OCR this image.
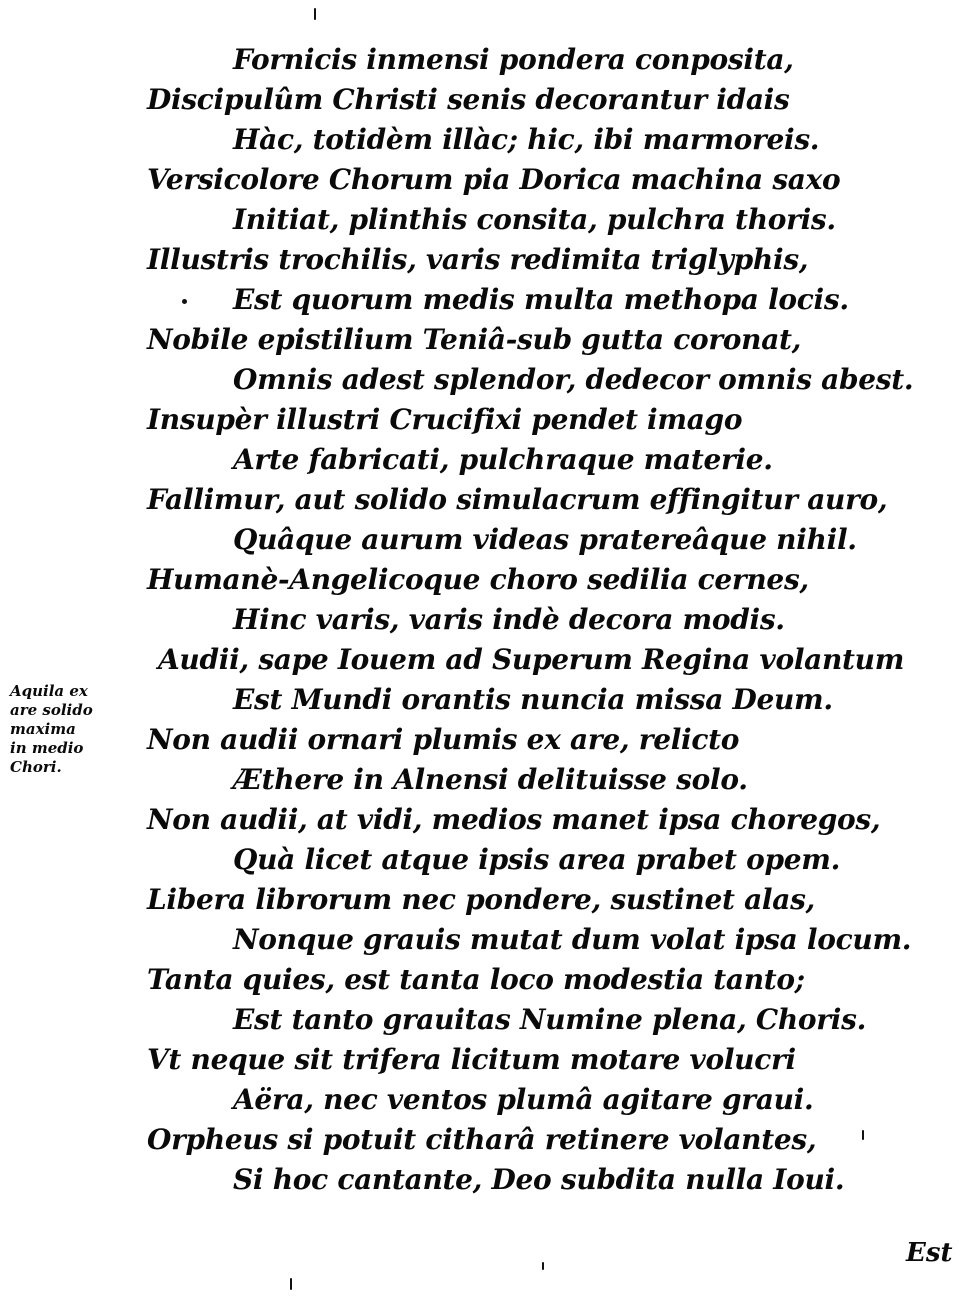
Fornicis inmensi pondera conposita,
Discipulûm Christi senis decorantur idais
Hàc, totidèm illàc; hic, ibi marmoreis.
Versicolore Chorum pia Dorica machina saxo
Initiat, plinthis consita, pulchra thoris.
Illustris trochilis, varis redimita triglyphis,
Est quorum medis multa methopa locis.
Nobile epistilium Teniâ-sub gutta coronat,
Omnis adest splendor, dedecor omnis abest.
Insupèr illustri Crucifixi pendet imago
Arte fabricati, pulchraque materie.
Fallimur, aut solido simulacrum effingitur auro,
Quâque aurum videas pratereâque nihil.
Humanè-Angelicoque choro sedilia cernes,
Hinc varis, varis indè decora modis.
Audii, sape Iouem ad Superum Regina volantum
Est Mundi orantis nuncia missa Deum.
Non audii ornari plumis ex are, relicto
Æthere in Alnensi delituisse solo.
Non audii, at vidi, medios manet ipsa choregos,
Quà licet atque ipsis area prabet opem.
Libera librorum nec pondere, sustinet alas,
Nonque grauis mutat dum volat ipsa locum.
Tanta quies, est tanta loco modestia tanto;
Est tanto grauitas Numine plena, Choris.
Vt neque sit trifera licitum motare volucri
Aëra, nec ventos plumâ agitare graui.
Orpheus si potuit citharâ retinere volantes,
Si hoc cantante, Deo subdita nulla Ioui.
Aquila ex
are solido
maxima
in medio
Chori.
Est
